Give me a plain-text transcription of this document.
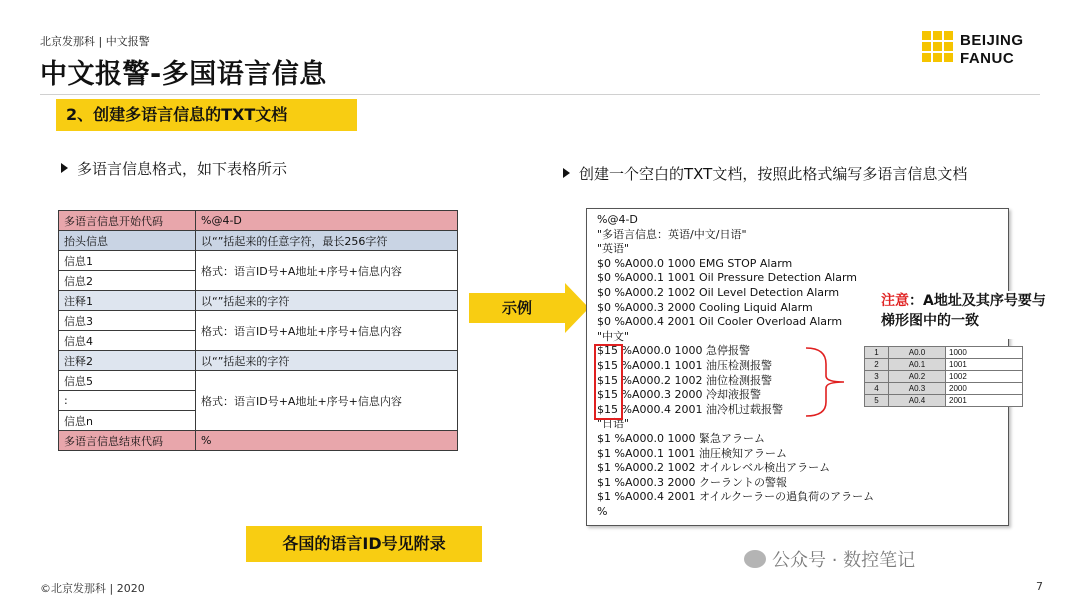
北京发那科 | 中文报警
中文报警-多国语言信息
BEIJING
FANUC
2、创建多语言信息的TXT文档
多语言信息格式，如下表格所示
多语言信息开始代码	%@4-D
抬头信息	以“”括起来的任意字符，最长256字符
信息1	格式：语言ID号+A地址+序号+信息内容
信息2	
注释1	以“”括起来的字符
信息3	格式：语言ID号+A地址+序号+信息内容
信息4	
注释2	以“”括起来的字符
信息5	格式：语言ID号+A地址+序号+信息内容
:	
信息n	
多语言信息结束代码	%
示例
创建一个空白的TXT文档，按照此格式编写多语言信息文档
%@4-D
"多语言信息：英语/中文/日语"
"英语"
$0 %A000.0 1000 EMG STOP Alarm
$0 %A000.1 1001 Oil Pressure Detection Alarm
$0 %A000.2 1002 Oil Level Detection Alarm
$0 %A000.3 2000 Cooling Liquid Alarm
$0 %A000.4 2001 Oil Cooler Overload Alarm
"中文"
$15 %A000.0 1000 急停报警
$15 %A000.1 1001 油压检测报警
$15 %A000.2 1002 油位检测报警
$15 %A000.3 2000 冷却液报警
$15 %A000.4 2001 油冷机过载报警
"日语"
$1 %A000.0 1000 緊急アラーム
$1 %A000.1 1001 油圧検知アラーム
$1 %A000.2 1002 オイルレベル検出アラーム
$1 %A000.3 2000 クーラントの警報
$1 %A000.4 2001 オイルクーラーの過負荷のアラーム
%
注意：A地址及其序号要与梯形图中的一致
1	A0.0	1000
2	A0.1	1001
3	A0.2	1002
4	A0.3	2000
5	A0.4	2001
各国的语言ID号见附录
©北京发那科 | 2020
公众号 · 数控笔记
7
